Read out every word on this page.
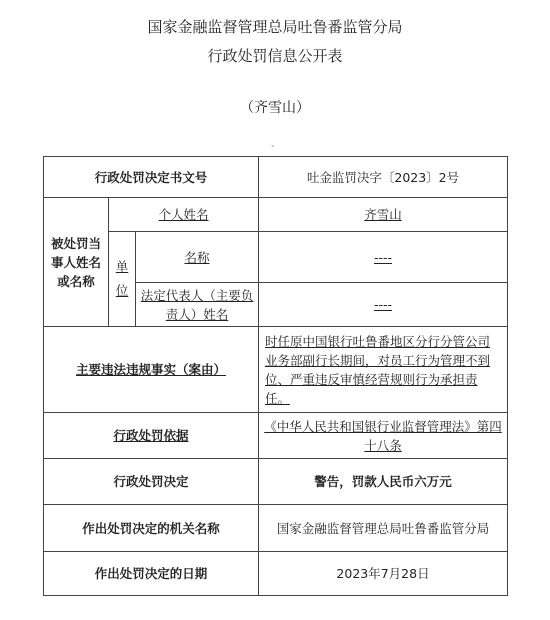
国家金融监督管理总局吐鲁番监管分局
行政处罚信息公开表
（齐雪山）
-
行政处罚决定书文号			吐金监罚决字〔2023〕2号
被处罚当事人姓名或名称	个人姓名		齐雪山
	单位	名称	----
		法定代表人（主要负责人）姓名	----
主要违法违规事实（案由）			时任原中国银行吐鲁番地区分行分管公司业务部副行长期间，对员工行为管理不到位、严重违反审慎经营规则行为承担责任。
行政处罚依据			《中华人民共和国银行业监督管理法》第四十八条
行政处罚决定			警告，罚款人民币六万元
作出处罚决定的机关名称			国家金融监督管理总局吐鲁番监管分局
作出处罚决定的日期			2023年7月28日
